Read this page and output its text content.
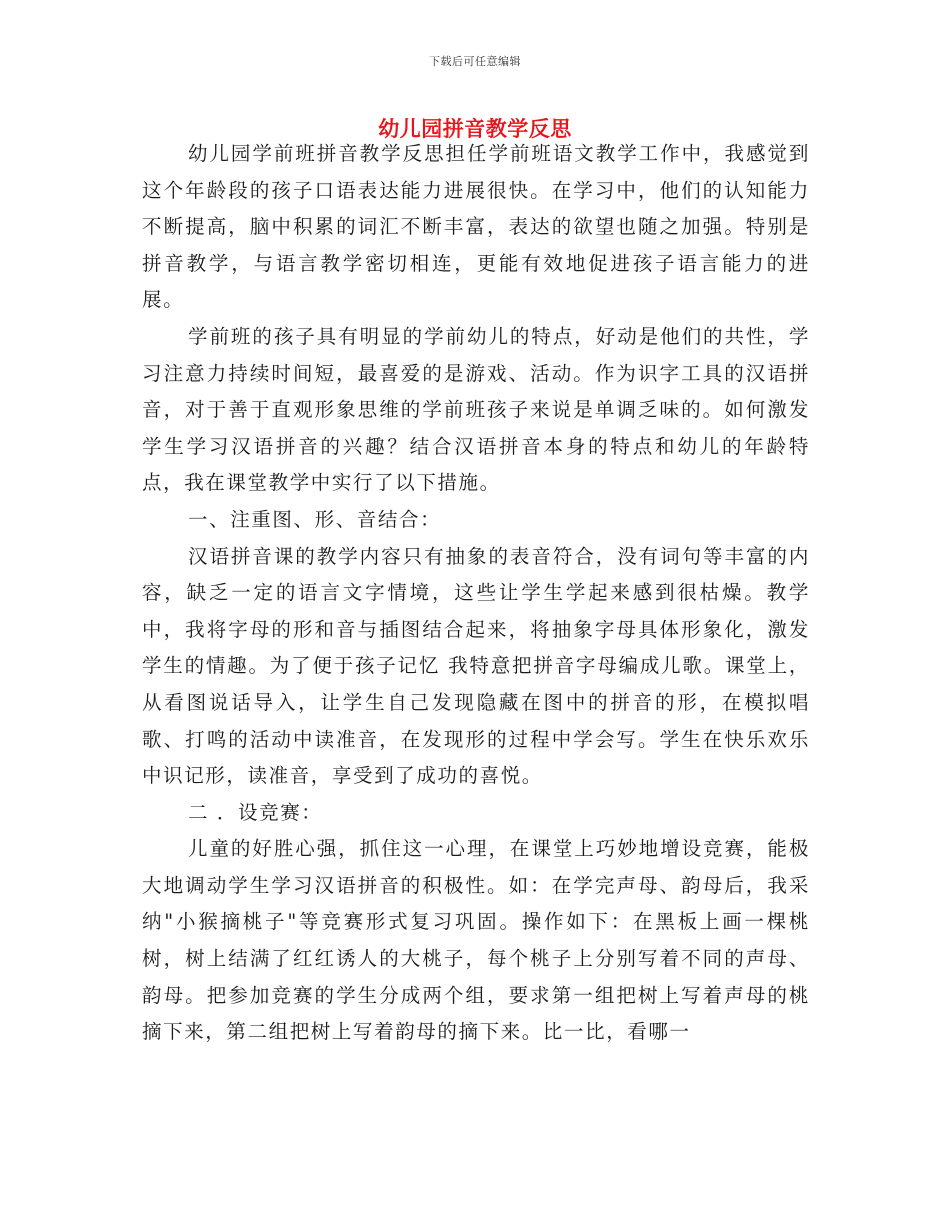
下载后可任意编辑
幼儿园拼音教学反思

幼儿园学前班拼音教学反思担任学前班语文教学工作中，我感觉到这个年龄段的孩子口语表达能力进展很快。在学习中，他们的认知能力不断提高，脑中积累的词汇不断丰富，表达的欲望也随之加强。特别是拼音教学，与语言教学密切相连，更能有效地促进孩子语言能力的进展。

学前班的孩子具有明显的学前幼儿的特点，好动是他们的共性，学习注意力持续时间短，最喜爱的是游戏、活动。作为识字工具的汉语拼音，对于善于直观形象思维的学前班孩子来说是单调乏味的。如何激发学生学习汉语拼音的兴趣？结合汉语拼音本身的特点和幼儿的年龄特点，我在课堂教学中实行了以下措施。

一、注重图、形、音结合：

汉语拼音课的教学内容只有抽象的表音符合，没有词句等丰富的内容，缺乏一定的语言文字情境，这些让学生学起来感到很枯燥。教学中，我将字母的形和音与插图结合起来，将抽象字母具体形象化，激发学生的情趣。为了便于孩子记忆 我特意把拼音字母编成儿歌。课堂上，从看图说话导入，让学生自己发现隐藏在图中的拼音的形，在模拟唱歌、打鸣的活动中读准音，在发现形的过程中学会写。学生在快乐欢乐中识记形，读准音，享受到了成功的喜悦。

二 ．设竞赛：

儿童的好胜心强，抓住这一心理，在课堂上巧妙地增设竞赛，能极大地调动学生学习汉语拼音的积极性。如：在学完声母、韵母后，我采纳"小猴摘桃子"等竞赛形式复习巩固。操作如下：在黑板上画一棵桃树，树上结满了红红诱人的大桃子，每个桃子上分别写着不同的声母、韵母。把参加竞赛的学生分成两个组，要求第一组把树上写着声母的桃摘下来，第二组把树上写着韵母的摘下来。比一比，看哪一
